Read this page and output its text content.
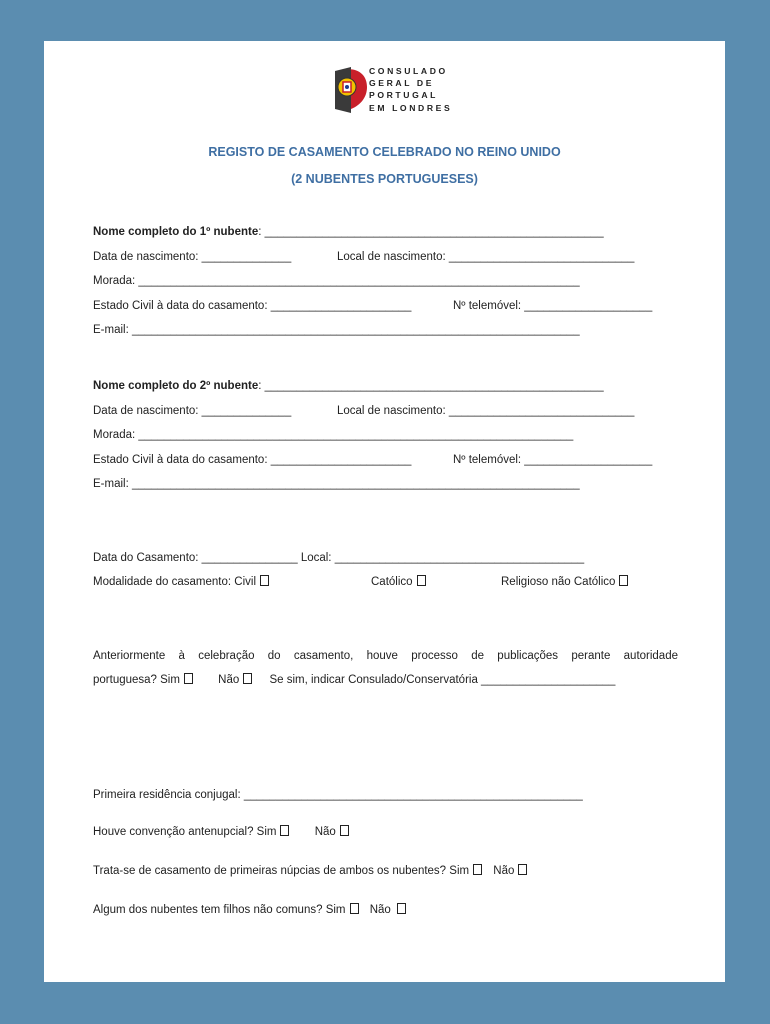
CONSULADO
GERAL DE
PORTUGAL
EM LONDRES
REGISTO DE CASAMENTO CELEBRADO NO REINO UNIDO
(2 NUBENTES PORTUGUESES)
Nome completo do 1º nubente: _____________________________________________________
Data de nascimento: ______________	Local de nascimento: _____________________________
Morada: _____________________________________________________________________
Estado Civil à data do casamento: ______________________	Nº telemóvel: ____________________
E-mail: ______________________________________________________________________
Nome completo do 2º nubente: _____________________________________________________
Data de nascimento: ______________	Local de nascimento: _____________________________
Morada: ____________________________________________________________________
Estado Civil à data do casamento: ______________________	Nº telemóvel: ____________________
E-mail: ______________________________________________________________________
Data do Casamento: _______________ Local: _______________________________________
Modalidade do casamento: Civil	Católico	Religioso não Católico
Anteriormente à celebração do casamento, houve processo de publicações perante autoridade
portuguesa? Sim	Não	Se sim, indicar Consulado/Conservatória _____________________
Primeira residência conjugal: _____________________________________________________
Houve convenção antenupcial? Sim	Não
Trata-se de casamento de primeiras núpcias de ambos os nubentes? Sim Não
Algum dos nubentes tem filhos não comuns? Sim Não
